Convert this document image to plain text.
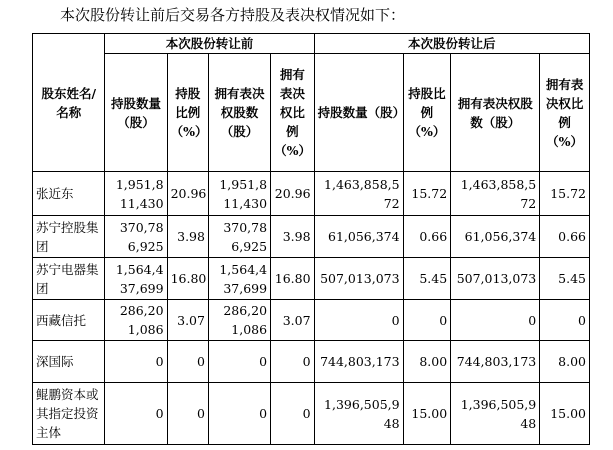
本次股份转让前后交易各方持股及表决权情况如下：
股东姓名/名称	本次股份转让前				本次股份转让后			
	持股数量（股）	持股比例（%）	拥有表决权股数（股）	拥有表决权比例（%）	持股数量（股）	持股比例（%）	拥有表决权股数（股）	拥有表决权比例（%）
张近东	1,951,811,430	20.96	1,951,811,430	20.96	1,463,858,572	15.72	1,463,858,572	15.72
苏宁控股集团	370,786,925	3.98	370,786,925	3.98	61,056,374	0.66	61,056,374	0.66
苏宁电器集团	1,564,437,699	16.80	1,564,437,699	16.80	507,013,073	5.45	507,013,073	5.45
西藏信托	286,201,086	3.07	286,201,086	3.07	0	0	0	0
深国际	0	0	0	0	744,803,173	8.00	744,803,173	8.00
鲲鹏资本或其指定投资主体	0	0	0	0	1,396,505,948	15.00	1,396,505,948	15.00
